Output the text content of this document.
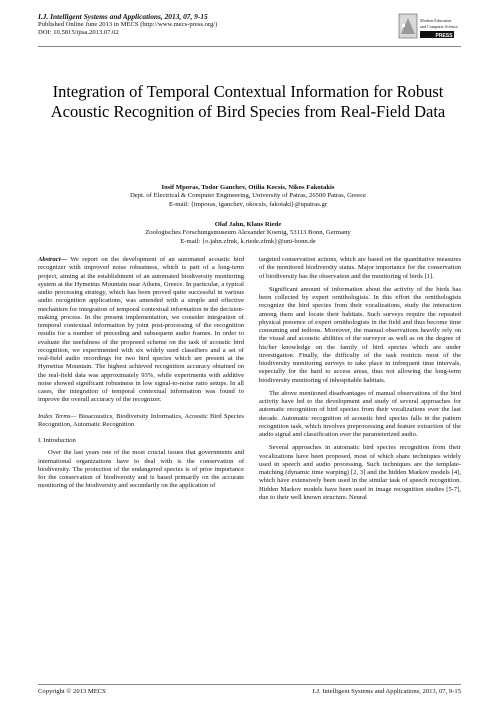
I.J. Intelligent Systems and Applications, 2013, 07, 9-15
Published Online June 2013 in MECS (http://www.mecs-press.org/)
DOI: 10.5815/ijisa.2013.07.02
Modern Education
and Computer Science
PRESS
Integration of Temporal Contextual Information for Robust Acoustic Recognition of Bird Species from Real-Field Data
Iosif Mporas, Todor Ganchev, Otilia Kocsis, Nikos Fakotakis
Dept. of Electrical & Computer Engineering, University of Patras, 26500 Patras, Greece
E-mail: {imporas, tganchev, okocsis, fakotaki}@upatras.gr
Olaf Jahn, Klaus Riede
Zoologisches Forschungsmuseum Alexander Koenig, 53113 Bonn, Germany
E-mail: {o.jahn.zfmk, k.riede.zfmk}@uni-bonn.de

Abstract— We report on the development of an automated acoustic bird recognizer with improved noise robustness, which is part of a long-term project, aiming at the establishment of an automated biodiversity monitoring system at the Hymettus Mountain near Athens, Greece. In particular, a typical audio processing strategy, which has been proved quite successful in various audio recognition applications, was amended with a simple and effective mechanism for integration of temporal contextual information in the decision-making process. In the present implementation, we consider integration of temporal contextual information by joint post-processing of the recognition results for a number of preceding and subsequent audio frames. In order to evaluate the usefulness of the proposed scheme on the task of acoustic bird recognition, we experimented with six widely used classifiers and a set of real-field audio recordings for two bird species which are present at the Hymettus Mountain. The highest achieved recognition accuracy obtained on the real-field data was approximately 93%, while experiments with additive noise showed significant robustness in low signal-to-noise ratio setups. In all cases, the integration of temporal contextual information was found to improve the overall accuracy of the recognizer.

Index Terms— Bioacoustics, Biodiversity Informatics, Acoustic Bird Species Recognition, Automatic Recognition

I. Introduction

Over the last years one of the most crucial issues that governments and international organizations have to deal with is the conservation of biodiversity. The protection of the endangered species is of prior importance for the conservation of biodiversity and is based primarily on the accurate monitoring of the biodiversity and secondarily on the application of

targeted conservation actions, which are based on the quantitative measures of the monitored biodiversity status. Major importance for the conservation of biodiversity has the observation and the monitoring of birds [1].

Significant amount of information about the activity of the birds has been collected by expert ornithologists. In this effort the ornithologists recognize the bird species from their vocalizations, study the interaction among them and locate their habitats. Such surveys require the repeated physical presence of expert ornithologists in the field and thus become time consuming and tedious. Moreover, the manual observations heavily rely on the visual and acoustic abilities of the surveyor as well as on the degree of his/her knowledge on the family of bird species which are under investigation. Finally, the difficulty of the task restricts most of the biodiversity monitoring surveys to take place in infrequent time intervals, especially for the hard to access areas, thus not allowing the long-term biodiversity monitoring of inhospitable habitats.

The above mentioned disadvantages of manual observations of the bird activity have led to the development and study of several approaches for automatic recognition of bird species from their vocalizations over the last decade. Automatic recognition of acoustic bird species falls in the pattern recognition task, which involves preprocessing and feature extraction of the audio signal and classification over the parameterized audio.

Several approaches in automatic bird species recognition from their vocalizations have been proposed, most of which share techniques widely used in speech and audio processing. Such techniques are the template-matching (dynamic time warping) [2, 3] and the hidden Markov models [4], which have extensively been used in the similar task of speech recognition. Hidden Markov models have been used in image recognition studies [5-7], due to their well known structure. Neural

Copyright © 2013 MECS	I.J. Intelligent Systems and Applications, 2013, 07, 9-15
